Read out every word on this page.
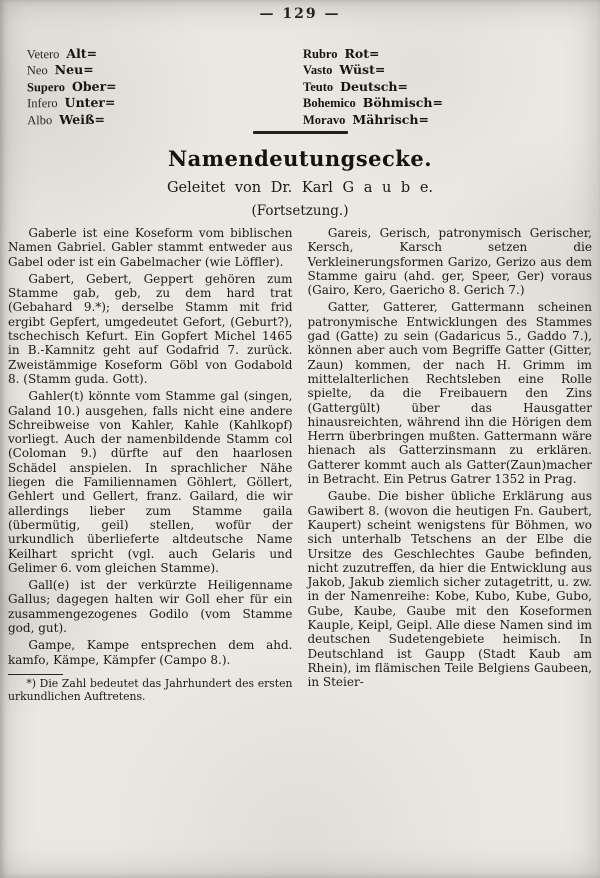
— 129 —
Vetero Alt=
Neo Neu=
Supero Ober=
Infero Unter=
Albo Weiß=
Rubro Rot=
Vasto Wüst=
Teuto Deutsch=
Bohemico Böhmisch=
Moravo Mährisch=
Namendeutungsecke.
Geleitet von Dr. Karl G a u b e.
(Fortsetzung.)

Gaberle ist eine Koseform vom biblischen Namen Gabriel. Gabler stammt entweder aus Gabel oder ist ein Gabelmacher (wie Löffler).

Gabert, Gebert, Geppert gehören zum Stamme gab, geb, zu dem hard trat (Gebahard 9.*); derselbe Stamm mit frid ergibt Gepfert, umgedeutet Gefort, (Geburt?), tschechisch Kefurt. Ein Gopfert Michel 1465 in B.-Kamnitz geht auf Godafrid 7. zurück. Zweistämmige Koseform Göbl von Godabold 8. (Stamm guda. Gott).

Gahler(t) könnte vom Stamme gal (singen, Galand 10.) ausgehen, falls nicht eine andere Schreibweise von Kahler, Kahle (Kahlkopf) vorliegt. Auch der namenbildende Stamm col (Coloman 9.) dürfte auf den haarlosen Schädel anspielen. In sprachlicher Nähe liegen die Familiennamen Göhlert, Göllert, Gehlert und Gellert, franz. Gailard, die wir allerdings lieber zum Stamme gaila (übermütig, geil) stellen, wofür der urkundlich überlieferte altdeutsche Name Keilhart spricht (vgl. auch Gelaris und Gelimer 6. vom gleichen Stamme).

Gall(e) ist der verkürzte Heiligenname Gallus; dagegen halten wir Goll eher für ein zusammengezogenes Godilo (vom Stamme god, gut).

Gampe, Kampe entsprechen dem ahd. kamfo, Kämpe, Kämpfer (Campo 8.).

*) Die Zahl bedeutet das Jahrhundert des ersten urkundlichen Auftretens.

Gareis, Gerisch, patronymisch Gerischer, Kersch, Karsch setzen die Verkleinerungsformen Garizo, Gerizo aus dem Stamme gairu (ahd. ger, Speer, Ger) voraus (Gairo, Kero, Gaericho 8. Gerich 7.)

Gatter, Gatterer, Gattermann scheinen patronymische Entwicklungen des Stammes gad (Gatte) zu sein (Gadaricus 5., Gaddo 7.), können aber auch vom Begriffe Gatter (Gitter, Zaun) kommen, der nach H. Grimm im mittelalterlichen Rechtsleben eine Rolle spielte, da die Freibauern den Zins (Gattergült) über das Hausgatter hinausreichten, während ihn die Hörigen dem Herrn überbringen mußten. Gattermann wäre hienach als Gatterzinsmann zu erklären. Gatterer kommt auch als Gatter(Zaun)macher in Betracht. Ein Petrus Gatrer 1352 in Prag.

Gaube. Die bisher übliche Erklärung aus Gawibert 8. (wovon die heutigen Fn. Gaubert, Kaupert) scheint wenigstens für Böhmen, wo sich unterhalb Tetschens an der Elbe die Ursitze des Geschlechtes Gaube befinden, nicht zuzutreffen, da hier die Entwicklung aus Jakob, Jakub ziemlich sicher zutagetritt, u. zw. in der Namenreihe: Kobe, Kubo, Kube, Gubo, Gube, Kaube, Gaube mit den Koseformen Kauple, Keipl, Geipl. Alle diese Namen sind im deutschen Sudetengebiete heimisch. In Deutschland ist Gaupp (Stadt Kaub am Rhein), im flämischen Teile Belgiens Gaubeen, in Steier-
